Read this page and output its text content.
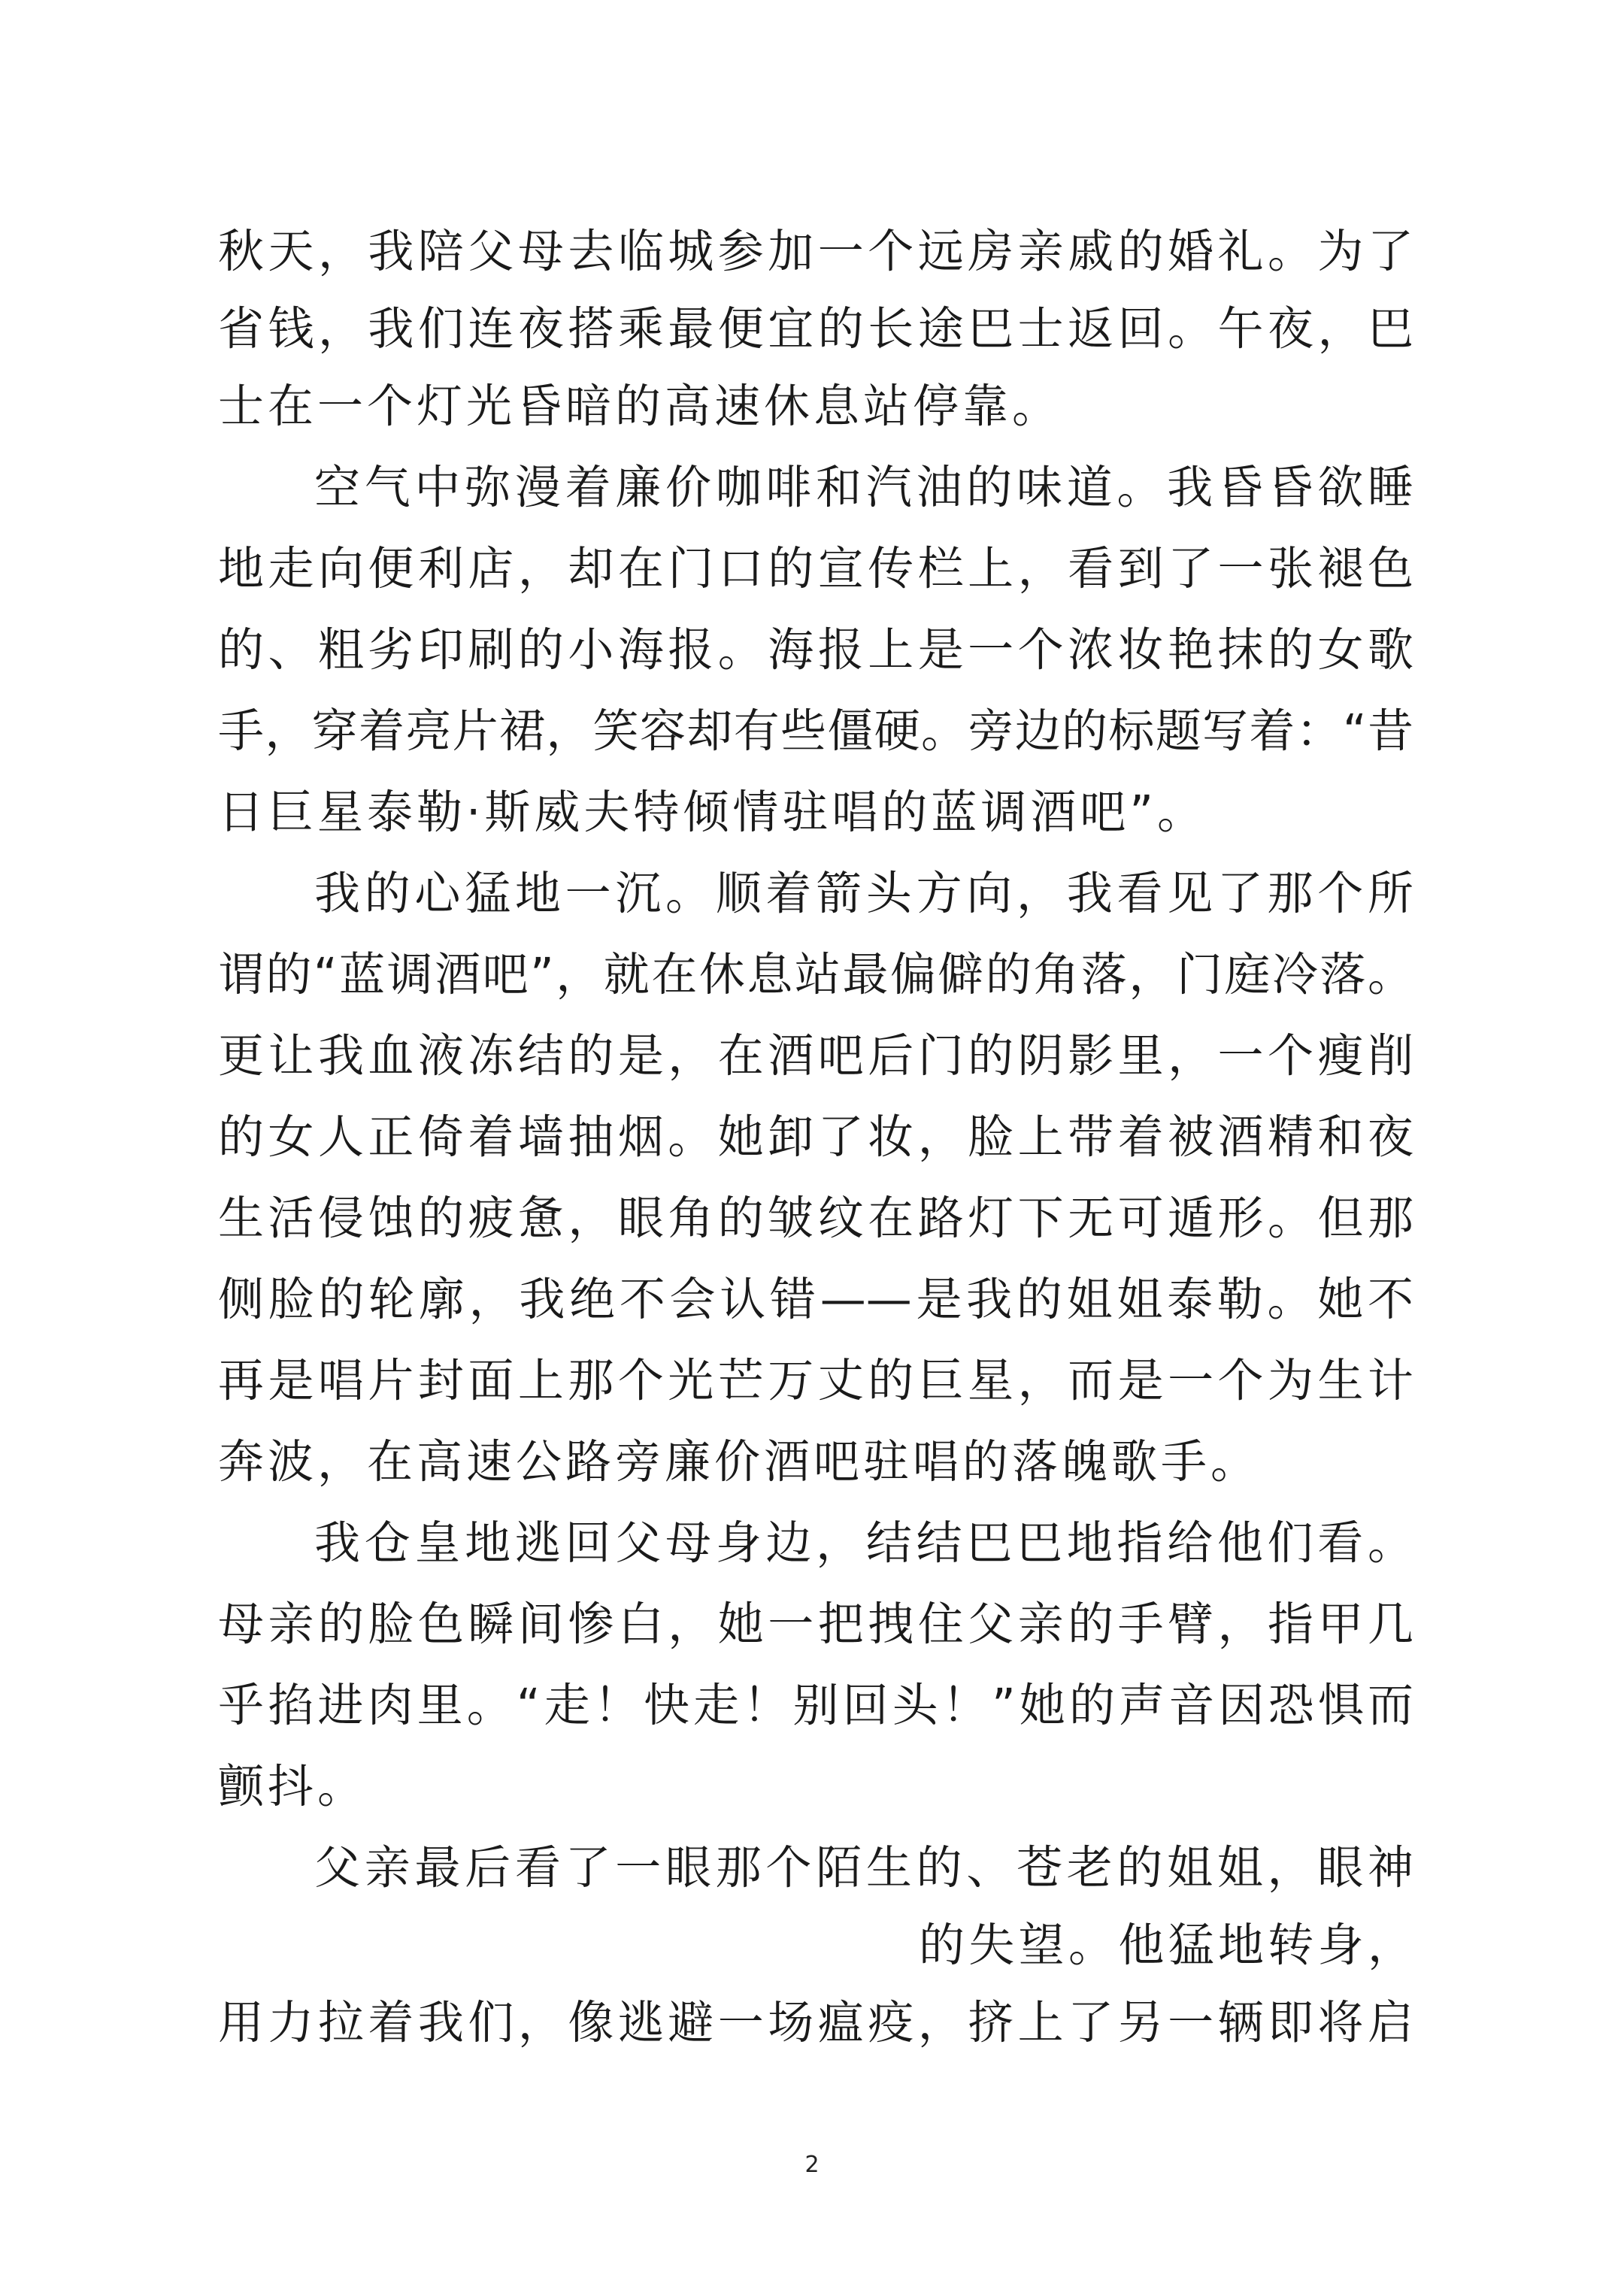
秋天，我陪父母去临城参加一个远房亲戚的婚礼。为了
省钱，我们连夜搭乘最便宜的长途巴士返回。午夜，巴
士在一个灯光昏暗的高速休息站停靠。
空气中弥漫着廉价咖啡和汽油的味道。我昏昏欲睡
地走向便利店，却在门口的宣传栏上，看到了一张褪色
的、粗劣印刷的小海报。海报上是一个浓妆艳抹的女歌
手，穿着亮片裙，笑容却有些僵硬。旁边的标题写着：“昔
日巨星泰勒·斯威夫特倾情驻唱的蓝调酒吧”。
我的心猛地一沉。顺着箭头方向，我看见了那个所
谓的“蓝调酒吧”，就在休息站最偏僻的角落，门庭冷落。
更让我血液冻结的是，在酒吧后门的阴影里，一个瘦削
的女人正倚着墙抽烟。她卸了妆，脸上带着被酒精和夜
生活侵蚀的疲惫，眼角的皱纹在路灯下无可遁形。但那
侧脸的轮廓，我绝不会认错——是我的姐姐泰勒。她不
再是唱片封面上那个光芒万丈的巨星，而是一个为生计
奔波，在高速公路旁廉价酒吧驻唱的落魄歌手。
我仓皇地逃回父母身边，结结巴巴地指给他们看。
母亲的脸色瞬间惨白，她一把拽住父亲的手臂，指甲几
乎掐进肉里。“走！快走！别回头！”她的声音因恐惧而
颤抖。
父亲最后看了一眼那个陌生的、苍老的姐姐，眼神
的失望。他猛地转身，
用力拉着我们，像逃避一场瘟疫，挤上了另一辆即将启
2
